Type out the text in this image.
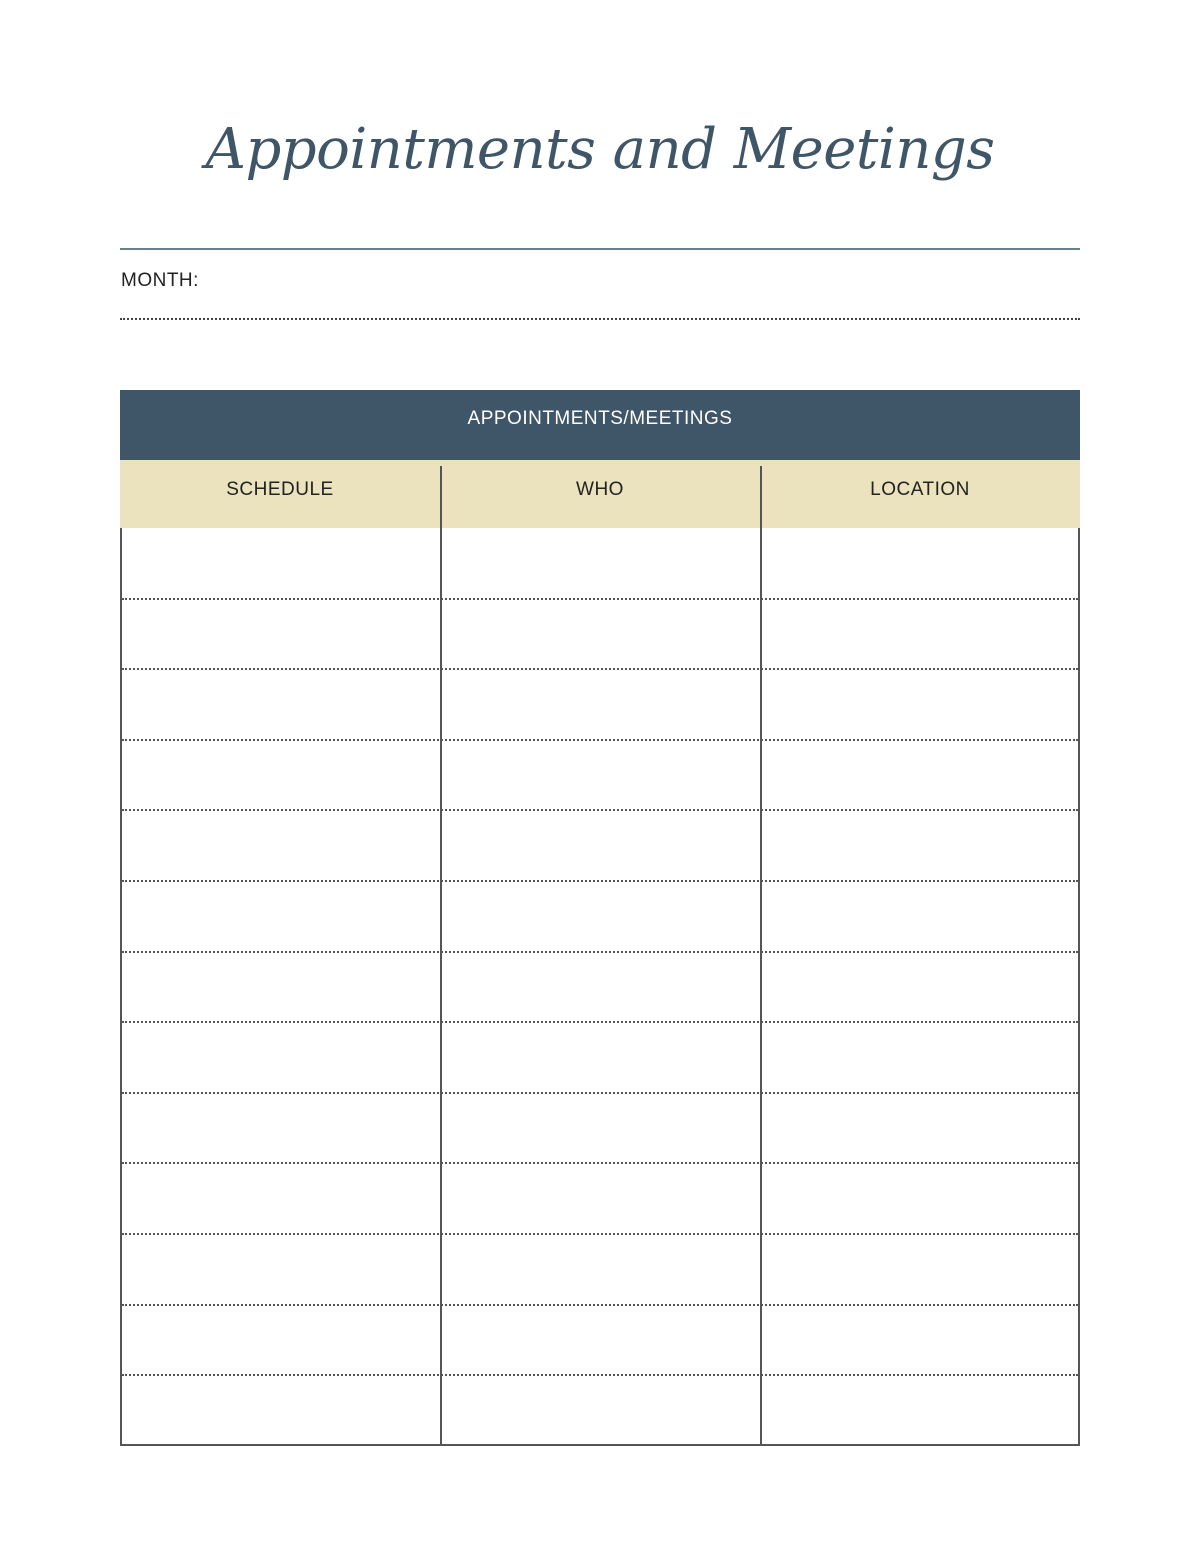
Appointments and Meetings
MONTH:
APPOINTMENTS/MEETINGS
SCHEDULE	WHO	LOCATION
